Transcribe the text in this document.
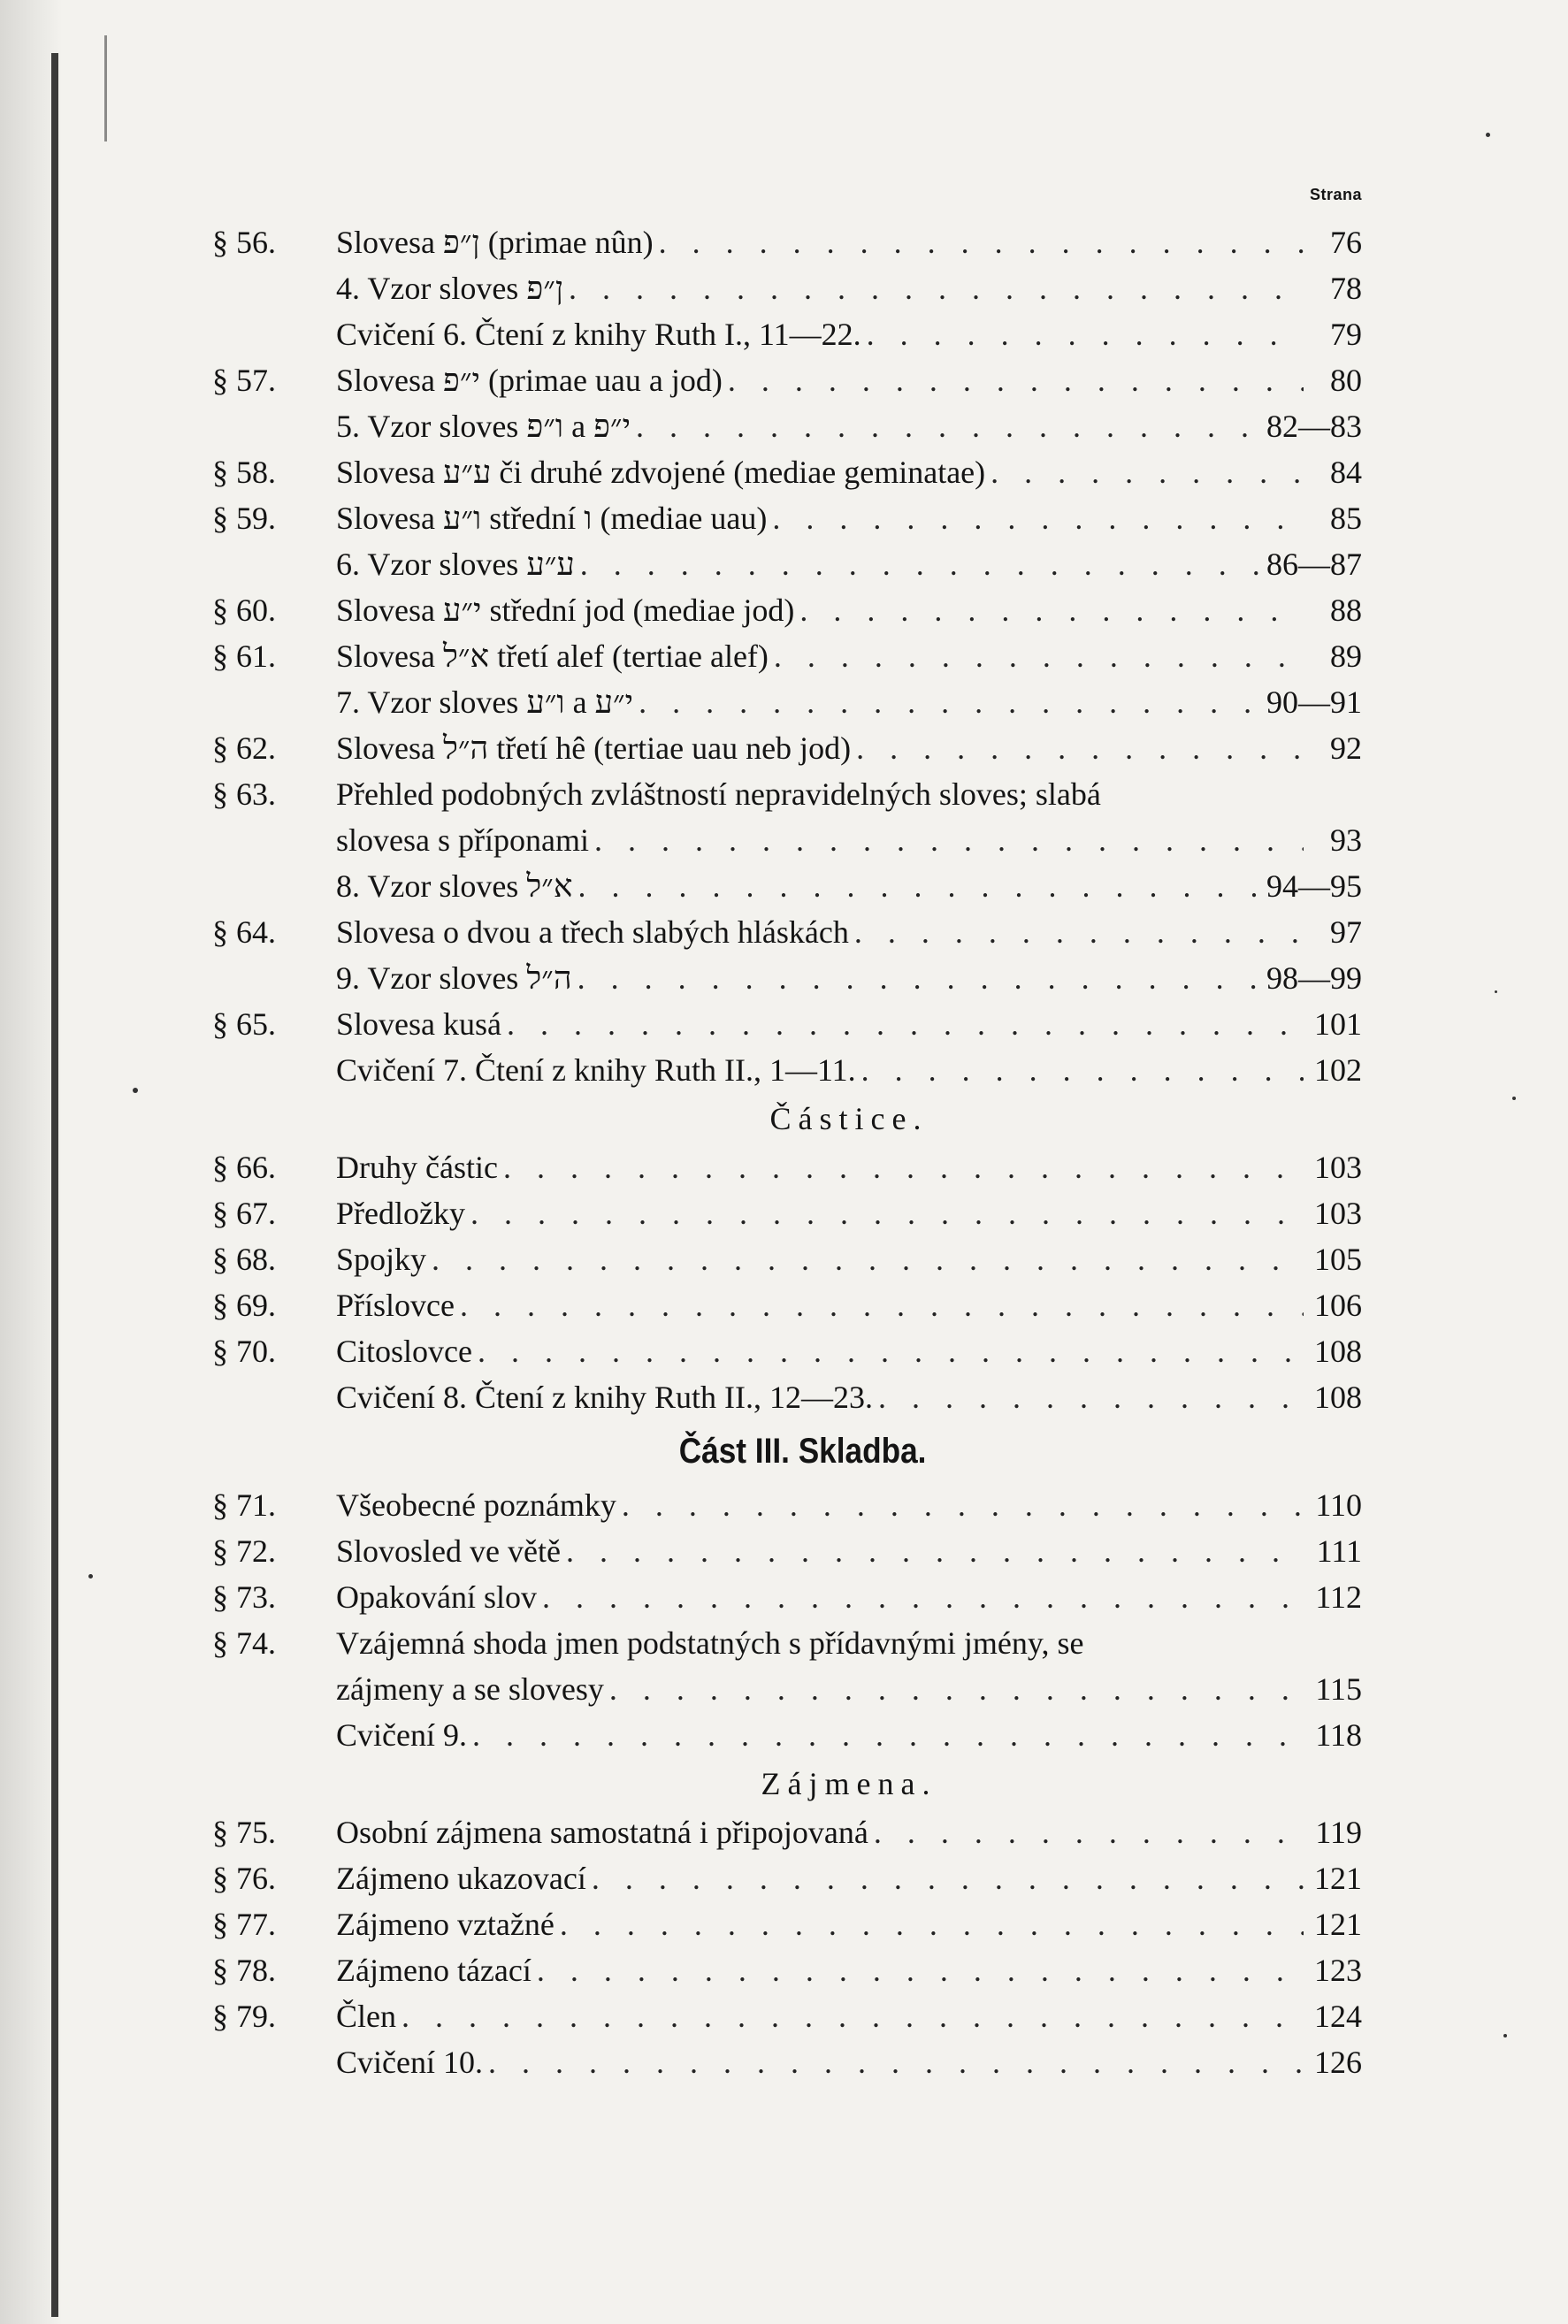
Strana
§ 56.	Slovesa ן״פ (primae nûn) . . .	76
4. Vzor sloves ן״פ . . .	78
Cvičení 6. Čtení z knihy Ruth I., 11—22. . . .	79
§ 57.	Slovesa י״פ (primae uau a jod) . . .	80
5. Vzor sloves ו״פ a י״פ . . .	82—83
§ 58.	Slovesa ע״ע či druhé zdvojené (mediae geminatae) . . .	84
§ 59.	Slovesa ו״ע střední ו (mediae uau) . . .	85
6. Vzor sloves ע״ע . . .	86—87
§ 60.	Slovesa י״ע střední jod (mediae jod) . . .	88
§ 61.	Slovesa א״ל třetí alef (tertiae alef) . . .	89
7. Vzor sloves ו״ע a י״ע . . .	90—91
§ 62.	Slovesa ה״ל třetí hê (tertiae uau neb jod) . . .	92
§ 63.	Přehled podobných zvláštností nepravidelných sloves; slabá
slovesa s příponami . . .	93
8. Vzor sloves א״ל . . .	94—95
§ 64.	Slovesa o dvou a třech slabých hláskách . . .	97
9. Vzor sloves ה״ל . . .	98—99
§ 65.	Slovesa kusá . . .	101
Cvičení 7. Čtení z knihy Ruth II., 1—11. . . .	102
Částice.
§ 66.	Druhy částic . . .	103
§ 67.	Předložky . . .	103
§ 68.	Spojky . . .	105
§ 69.	Příslovce . . .	106
§ 70.	Citoslovce . . .	108
Cvičení 8. Čtení z knihy Ruth II., 12—23. . . .	108
Část III. Skladba.
§ 71.	Všeobecné poznámky . . .	110
§ 72.	Slovosled ve větě . . .	111
§ 73.	Opakování slov . . .	112
§ 74.	Vzájemná shoda jmen podstatných s přídavnými jmény, se
zájmeny a se slovesy . . .	115
Cvičení 9. . . .	118
Zájmena.
§ 75.	Osobní zájmena samostatná i připojovaná . . .	119
§ 76.	Zájmeno ukazovací . . .	121
§ 77.	Zájmeno vztažné . . .	121
§ 78.	Zájmeno tázací . . .	123
§ 79.	Člen . . .	124
Cvičení 10. . . .	126
